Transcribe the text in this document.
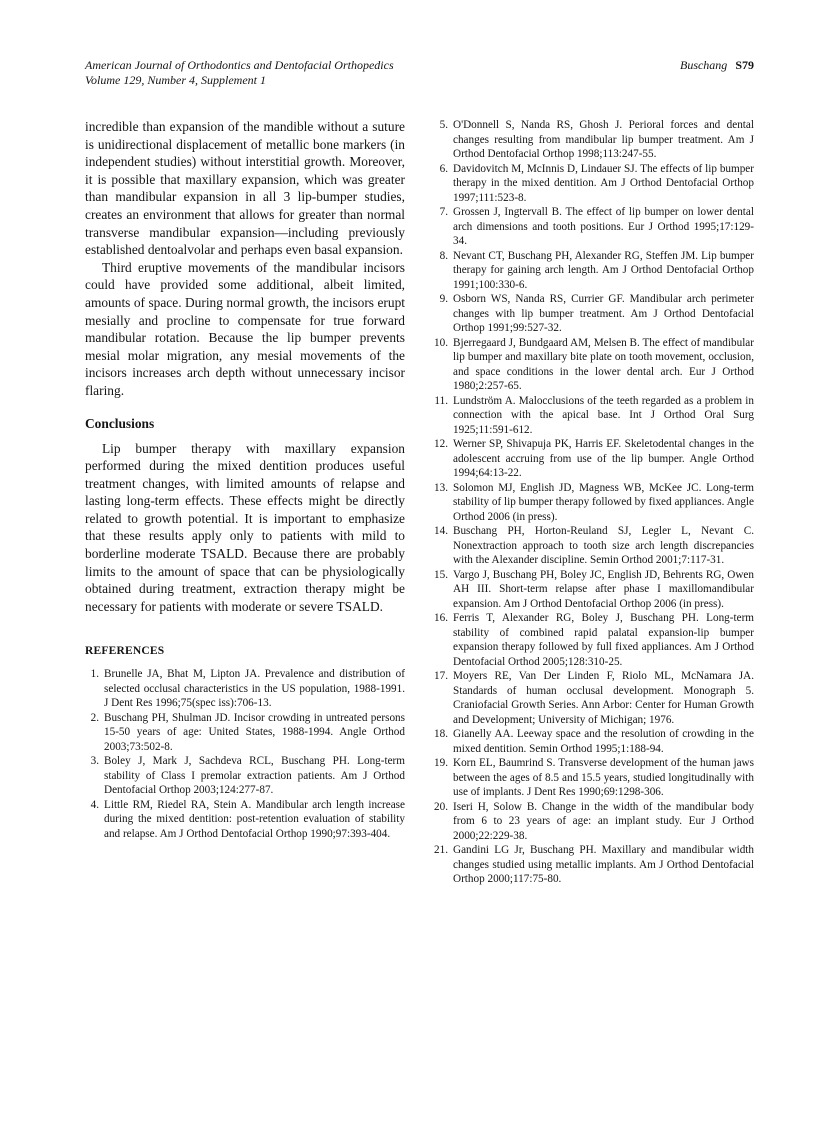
American Journal of Orthodontics and Dentofacial Orthopedics
Volume 129, Number 4, Supplement 1
Buschang S79

incredible than expansion of the mandible without a suture is unidirectional displacement of metallic bone markers (in independent studies) without interstitial growth. Moreover, it is possible that maxillary expansion, which was greater than mandibular expansion in all 3 lip-bumper studies, creates an environment that allows for greater than normal transverse mandibular expansion—including previously established dentoalvolar and perhaps even basal expansion.

Third eruptive movements of the mandibular incisors could have provided some additional, albeit limited, amounts of space. During normal growth, the incisors erupt mesially and procline to compensate for true forward mandibular rotation. Because the lip bumper prevents mesial molar migration, any mesial movements of the incisors increases arch depth without unnecessary incisor flaring.

Conclusions

Lip bumper therapy with maxillary expansion performed during the mixed dentition produces useful treatment changes, with limited amounts of relapse and lasting long-term effects. These effects might be directly related to growth potential. It is important to emphasize that these results apply only to patients with mild to borderline moderate TSALD. Because there are probably limits to the amount of space that can be physiologically obtained during treatment, extraction therapy might be necessary for patients with moderate or severe TSALD.

REFERENCES
1. Brunelle JA, Bhat M, Lipton JA. Prevalence and distribution of selected occlusal characteristics in the US population, 1988-1991. J Dent Res 1996;75(spec iss):706-13.
2. Buschang PH, Shulman JD. Incisor crowding in untreated persons 15-50 years of age: United States, 1988-1994. Angle Orthod 2003;73:502-8.
3. Boley J, Mark J, Sachdeva RCL, Buschang PH. Long-term stability of Class I premolar extraction patients. Am J Orthod Dentofacial Orthop 2003;124:277-87.
4. Little RM, Riedel RA, Stein A. Mandibular arch length increase during the mixed dentition: post-retention evaluation of stability and relapse. Am J Orthod Dentofacial Orthop 1990;97:393-404.
5. O'Donnell S, Nanda RS, Ghosh J. Perioral forces and dental changes resulting from mandibular lip bumper treatment. Am J Orthod Dentofacial Orthop 1998;113:247-55.
6. Davidovitch M, McInnis D, Lindauer SJ. The effects of lip bumper therapy in the mixed dentition. Am J Orthod Dentofacial Orthop 1997;111:523-8.
7. Grossen J, Ingtervall B. The effect of lip bumper on lower dental arch dimensions and tooth positions. Eur J Orthod 1995;17:129-34.
8. Nevant CT, Buschang PH, Alexander RG, Steffen JM. Lip bumper therapy for gaining arch length. Am J Orthod Dentofacial Orthop 1991;100:330-6.
9. Osborn WS, Nanda RS, Currier GF. Mandibular arch perimeter changes with lip bumper treatment. Am J Orthod Dentofacial Orthop 1991;99:527-32.
10. Bjerregaard J, Bundgaard AM, Melsen B. The effect of mandibular lip bumper and maxillary bite plate on tooth movement, occlusion, and space conditions in the lower dental arch. Eur J Orthod 1980;2:257-65.
11. Lundström A. Malocclusions of the teeth regarded as a problem in connection with the apical base. Int J Orthod Oral Surg 1925;11:591-612.
12. Werner SP, Shivapuja PK, Harris EF. Skeletodental changes in the adolescent accruing from use of the lip bumper. Angle Orthod 1994;64:13-22.
13. Solomon MJ, English JD, Magness WB, McKee JC. Long-term stability of lip bumper therapy followed by fixed appliances. Angle Orthod 2006 (in press).
14. Buschang PH, Horton-Reuland SJ, Legler L, Nevant C. Nonextraction approach to tooth size arch length discrepancies with the Alexander discipline. Semin Orthod 2001;7:117-31.
15. Vargo J, Buschang PH, Boley JC, English JD, Behrents RG, Owen AH III. Short-term relapse after phase I maxillomandibular expansion. Am J Orthod Dentofacial Orthop 2006 (in press).
16. Ferris T, Alexander RG, Boley J, Buschang PH. Long-term stability of combined rapid palatal expansion-lip bumper expansion therapy followed by full fixed appliances. Am J Orthod Dentofacial Orthod 2005;128:310-25.
17. Moyers RE, Van Der Linden F, Riolo ML, McNamara JA. Standards of human occlusal development. Monograph 5. Craniofacial Growth Series. Ann Arbor: Center for Human Growth and Development; University of Michigan; 1976.
18. Gianelly AA. Leeway space and the resolution of crowding in the mixed dentition. Semin Orthod 1995;1:188-94.
19. Korn EL, Baumrind S. Transverse development of the human jaws between the ages of 8.5 and 15.5 years, studied longitudinally with use of implants. J Dent Res 1990;69:1298-306.
20. Iseri H, Solow B. Change in the width of the mandibular body from 6 to 23 years of age: an implant study. Eur J Orthod 2000;22:229-38.
21. Gandini LG Jr, Buschang PH. Maxillary and mandibular width changes studied using metallic implants. Am J Orthod Dentofacial Orthop 2000;117:75-80.
